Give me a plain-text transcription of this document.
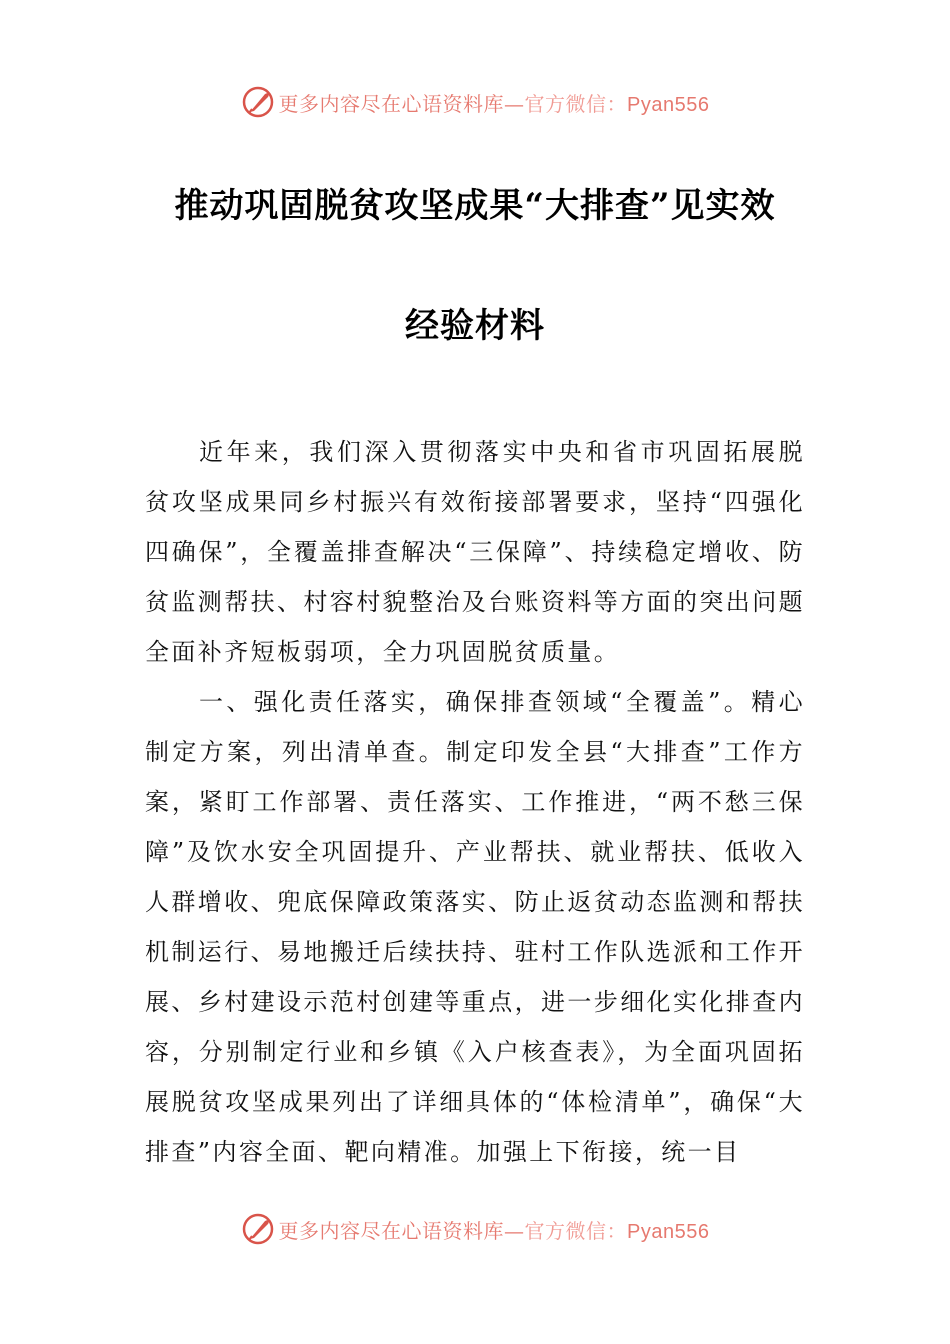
更多内容尽在心语资料库—官方微信：Pyan556
推动巩固脱贫攻坚成果“大排查”见实效
经验材料

近年来，我们深入贯彻落实中央和省市巩固拓展脱贫攻坚成果同乡村振兴有效衔接部署要求，坚持“四强化四确保”，全覆盖排查解决“三保障”、持续稳定增收、防贫监测帮扶、村容村貌整治及台账资料等方面的突出问题全面补齐短板弱项，全力巩固脱贫质量。

一、强化责任落实，确保排查领域“全覆盖”。精心制定方案，列出清单查。制定印发全县“大排查”工作方案，紧盯工作部署、责任落实、工作推进，“两不愁三保障”及饮水安全巩固提升、产业帮扶、就业帮扶、低收入人群增收、兜底保障政策落实、防止返贫动态监测和帮扶机制运行、易地搬迁后续扶持、驻村工作队选派和工作开展、乡村建设示范村创建等重点，进一步细化实化排查内容，分别制定行业和乡镇《入户核查表》，为全面巩固拓展脱贫攻坚成果列出了详细具体的“体检清单”，确保“大排查”内容全面、靶向精准。加强上下衔接，统一目

更多内容尽在心语资料库—官方微信：Pyan556
